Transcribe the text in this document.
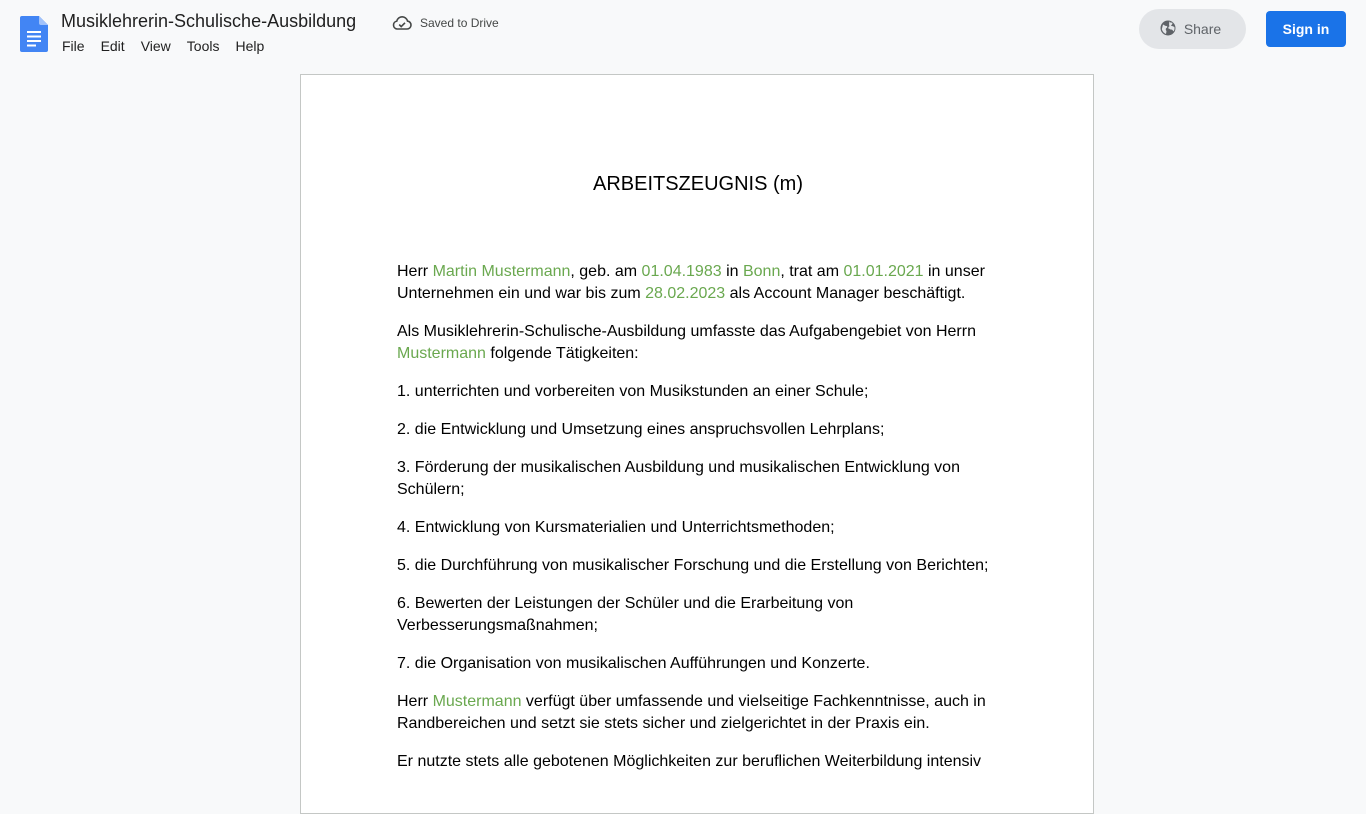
Musiklehrerin-Schulische-Ausbildung	Saved to Drive
File	Edit	View	Tools	Help
Share	Sign in
ARBEITSZEUGNIS (m)

Herr Martin Mustermann, geb. am 01.04.1983 in Bonn, trat am 01.01.2021 in unser Unternehmen ein und war bis zum 28.02.2023 als Account Manager beschäftigt.

Als Musiklehrerin-Schulische-Ausbildung umfasste das Aufgabengebiet von Herrn Mustermann folgende Tätigkeiten:

1. unterrichten und vorbereiten von Musikstunden an einer Schule;

2. die Entwicklung und Umsetzung eines anspruchsvollen Lehrplans;

3. Förderung der musikalischen Ausbildung und musikalischen Entwicklung von Schülern;

4. Entwicklung von Kursmaterialien und Unterrichtsmethoden;

5. die Durchführung von musikalischer Forschung und die Erstellung von Berichten;

6. Bewerten der Leistungen der Schüler und die Erarbeitung von Verbesserungsmaßnahmen;

7. die Organisation von musikalischen Aufführungen und Konzerte.

Herr Mustermann verfügt über umfassende und vielseitige Fachkenntnisse, auch in Randbereichen und setzt sie stets sicher und zielgerichtet in der Praxis ein.

Er nutzte stets alle gebotenen Möglichkeiten zur beruflichen Weiterbildung intensiv
